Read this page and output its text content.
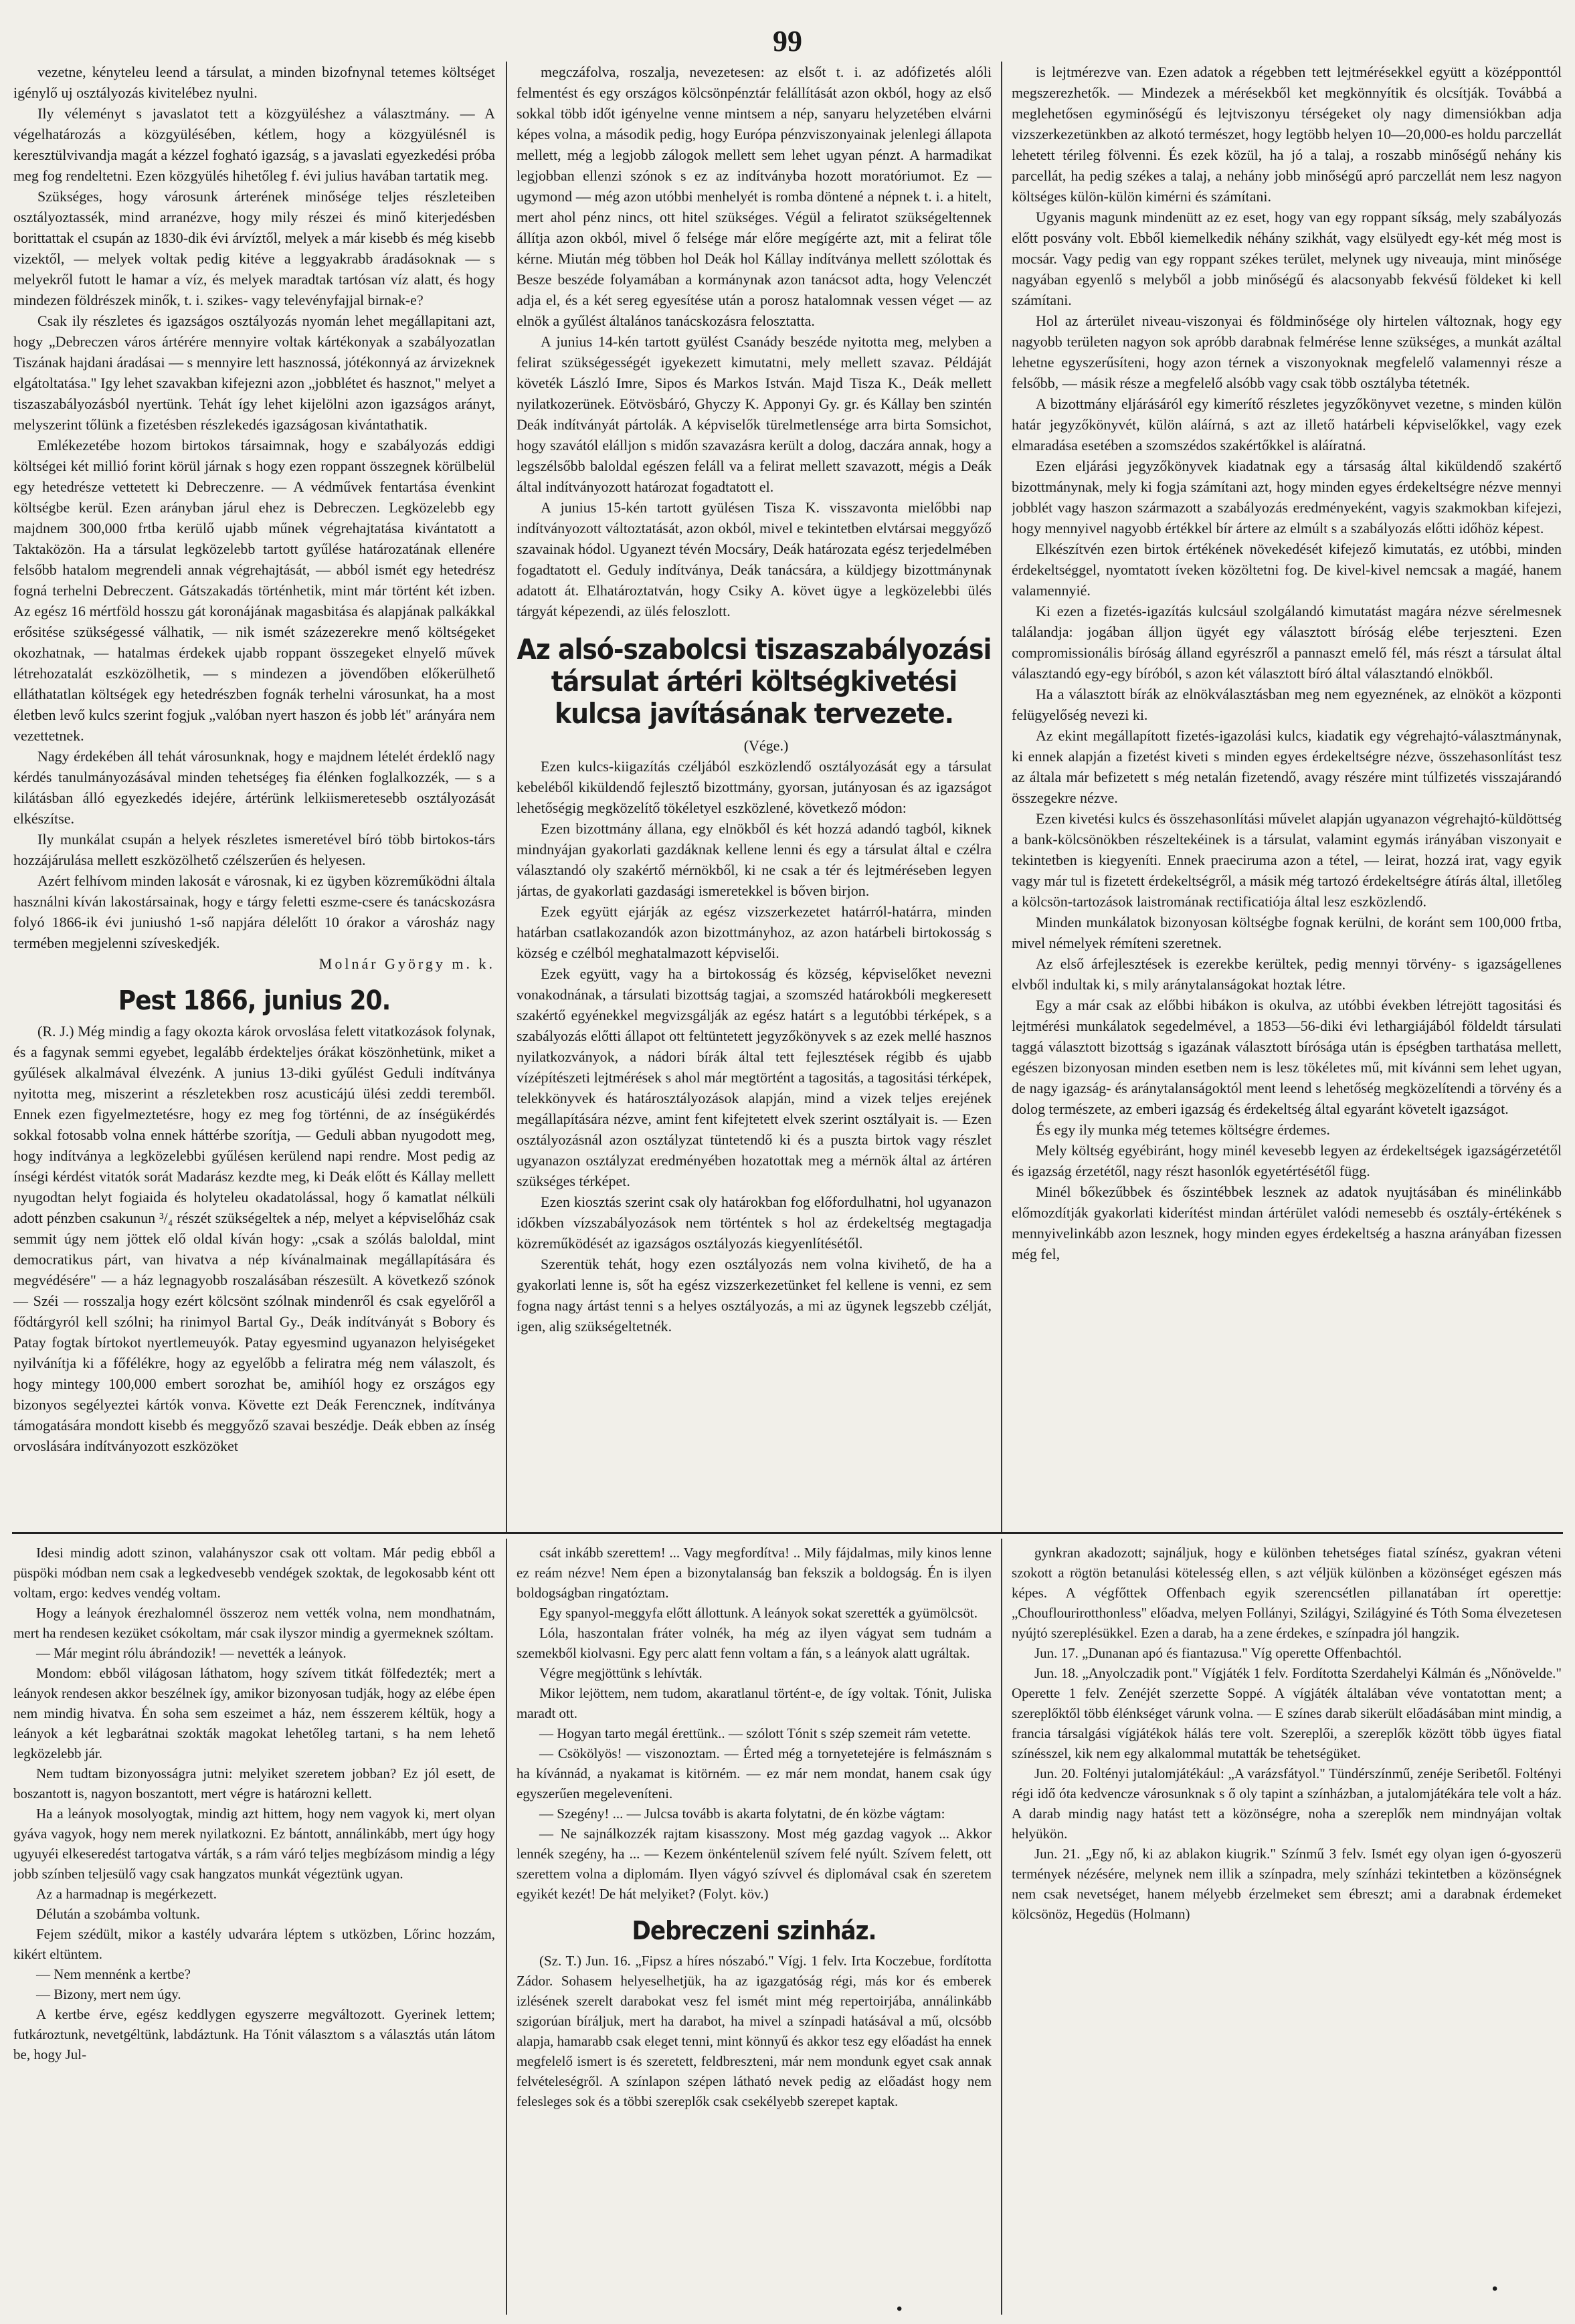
99

vezetne, kényteleu leend a társulat, a minden bizofnynal tetemes költséget igénylő uj osztályozás kivitelébez nyulni.

Ily véleményt s javaslatot tett a közgyüléshez a választmány. — A végelhatározás a közgyülésében, kétlem, hogy a közgyülésnél is keresztülvivandja magát a kézzel fogható igazság, s a javaslati egyezkedési próba meg fog rendeltetni. Ezen közgyülés hihetőleg f. évi julius havában tartatik meg.

Szükséges, hogy városunk árterének minősége teljes részleteiben osztályoztassék, mind arranézve, hogy mily részei és minő kiterjedésben borittattak el csupán az 1830-dik évi árvíztől, melyek a már kisebb és még kisebb vizektől, — melyek voltak pedig kitéve a leggyakrabb áradásoknak — s melyekről futott le hamar a víz, és melyek maradtak tartósan víz alatt, és hogy mindezen földrészek minők, t. i. szikes- vagy televényfajjal birnak-e?

Csak ily részletes és igazságos osztályozás nyomán lehet megállapitani azt, hogy „Debreczen város ártérére mennyire voltak kártékonyak a szabályozatlan Tiszának hajdani áradásai — s mennyire lett hasznossá, jótékonnyá az árvizeknek elgátoltatása." Igy lehet szavakban kifejezni azon „jobblétet és hasznot," melyet a tiszaszabályozásból nyertünk. Tehát így lehet kijelölni azon igazságos arányt, melyszerint tőlünk a fizetésben részlekedés igazságosan kivántathatik.

Emlékezetébe hozom birtokos társaimnak, hogy e szabályozás eddigi költségei két millió forint körül járnak s hogy ezen roppant összegnek körülbelül egy hetedrésze vettetett ki Debreczenre. — A védművek fentartása évenkint költségbe kerül. Ezen arányban járul ehez is Debreczen. Legközelebb egy majdnem 300,000 frtba kerülő ujabb műnek végrehajtatása kivántatott a Taktaközön. Ha a társulat legközelebb tartott gyűlése határozatának ellenére felsőbb hatalom megrendeli annak végrehajtását, — abból ismét egy hetedrész fogná terhelni Debreczent. Gátszakadás történhetik, mint már történt két izben. Az egész 16 mértföld hosszu gát koronájának magasbitása és alapjának palkákkal erősitése szükségessé válhatik, — nik ismét százezerekre menő költségeket okozhatnak, — hatalmas érdekek ujabb roppant összegeket elnyelő művek létrehozatalát eszközölhetik, — s mindezen a jövendőben előkerülhető elláthatatlan költségek egy hetedrészben fognák terhelni városunkat, ha a most életben levő kulcs szerint fogjuk „valóban nyert haszon és jobb lét" arányára nem vezettetnek.

Nagy érdekében áll tehát városunknak, hogy e majdnem lételét érdeklő nagy kérdés tanulmányozásával minden tehetségeş fia élénken foglalkozzék, — s a kilátásban álló egyezkedés idejére, ártérünk lelkiismeretesebb osztályozását elkészítse.

Ily munkálat csupán a helyek részletes ismeretével bíró több birtokos-társ hozzájárulása mellett eszközölhető czélszerűen és helyesen.

Azért felhívom minden lakosát e városnak, ki ez ügyben közreműködni általa használni kíván lakostársainak, hogy e tárgy feletti eszme-csere és tanácskozásra folyó 1866-ik évi juniushó 1-ső napjára délelőtt 10 órakor a városház nagy termében megjelenni szíveskedjék.

Molnár György m. k.

Pest 1866, junius 20.

(R. J.) Még mindig a fagy okozta károk orvoslása felett vitatkozások folynak, és a fagynak semmi egyebet, legalább érdekteljes órákat köszönhetünk, miket a gyűlések alkalmával élvezénk. A junius 13-diki gyűlést Geduli indítványa nyitotta meg, miszerint a részletekben rosz acusticájú ülési zeddi teremből. Ennek ezen figyelmeztetésre, hogy ez meg fog történni, de az ínségükérdés sokkal fotosabb volna ennek háttérbe szorítja, — Geduli abban nyugodott meg, hogy indítványa a legközelebbi gyűlésen kerülend napi rendre. Most pedig az ínségi kérdést vitatók sorát Madarász kezdte meg, ki Deák előtt és Kállay mellett nyugodtan helyt fogiaida és holyteleu okadatolással, hogy ő kamatlat nélküli adott pénzben csakunun ³/₄ részét szükségeltek a nép, melyet a képviselőház csak semmit úgy nem jöttek elő oldal kíván hogy: „csak a szólás baloldal, mint democratikus párt, van hivatva a nép kívánalmainak megállapítására és megvédésére" — a ház legnagyobb roszalásában részesült. A következő szónok — Széi — rosszalja hogy ezért kölcsönt szólnak mindenről és csak egyelőről a fődtárgyról kell szólni; ha rinimyol Bartal Gy., Deák indítványát s Bobory és Patay fogtak bírtokot nyertlemeuyók. Patay egyesmind ugyanazon helyiségeket nyilvánítja ki a főfélékre, hogy az egyelőbb a feliratra még nem válaszolt, és hogy mintegy 100,000 embert sorozhat be, amihíól hogy ez országos egy bizonyos segélyeztei kártók vonva. Követte ezt Deák Ferencznek, indítványa támogatására mondott kisebb és meggyőző szavai beszédje. Deák ebben az ínség orvoslására indítványozott eszközöket

megczáfolva, roszalja, nevezetesen: az elsőt t. i. az adófizetés alóli felmentést és egy országos kölcsönpénztár felállítását azon okból, hogy az első sokkal több időt igényelne venne mintsem a nép, sanyaru helyzetében elvárni képes volna, a második pedig, hogy Európa pénzviszonyainak jelenlegi állapota mellett, még a legjobb zálogok mellett sem lehet ugyan pénzt. A harmadikat legjobban ellenzi szónok s ez az indítványba hozott moratóriumot. Ez — ugymond — még azon utóbbi menhelyét is romba döntené a népnek t. i. a hitelt, mert ahol pénz nincs, ott hitel szükséges. Végül a feliratot szükségeltennek állítja azon okból, mivel ő felsége már előre megígérte azt, mit a felirat tőle kérne. Miután még többen hol Deák hol Kállay indítványa mellett szólottak és Besze beszéde folyamában a kormánynak azon tanácsot adta, hogy Velenczét adja el, és a két sereg egyesítése után a porosz hatalomnak vessen véget — az elnök a gyűlést általános tanácskozásra felosztatta.

A junius 14-kén tartott gyülést Csanády beszéde nyitotta meg, melyben a felirat szükségességét igyekezett kimutatni, mely mellett szavaz. Példáját követék László Imre, Sipos és Markos István. Majd Tisza K., Deák mellett nyilatkozerünek. Eötvösbáró, Ghyczy K. Apponyi Gy. gr. és Kállay ben szintén Deák indítványát pártolák. A képviselők türelmetlensége arra birta Somsichot, hogy szavától elálljon s midőn szavazásra került a dolog, daczára annak, hogy a legszélsőbb baloldal egészen feláll va a felirat mellett szavazott, mégis a Deák által indítványozott határozat fogadtatott el.

A junius 15-kén tartott gyülésen Tisza K. visszavonta mielőbbi nap indítványozott változtatását, azon okból, mivel e tekintetben elvtársai meggyőző szavainak hódol. Ugyanezt tévén Mocsáry, Deák határozata egész terjedelmében fogadtatott el. Geduly indítványa, Deák tanácsára, a küldjegy bizottmánynak adatott át. Elhatároztatván, hogy Csiky A. követ ügye a legközelebbi ülés tárgyát képezendi, az ülés feloszlott.

Az alsó-szabolcsi tiszaszabályozási társulat ártéri költségkivetési kulcsa javításának tervezete.

(Vége.)

Ezen kulcs-kiigazítás czéljából eszközlendő osztályozását egy a társulat kebeléből kiküldendő fejlesztő bizottmány, gyorsan, jutányosan és az igazságot lehetőségig megközelítő tökéletyel eszközlené, következő módon:

Ezen bizottmány állana, egy elnökből és két hozzá adandó tagból, kiknek mindnyájan gyakorlati gazdáknak kellene lenni és egy a társulat által e czélra választandó oly szakértő mérnökből, ki ne csak a tér és lejtméréseben legyen jártas, de gyakorlati gazdasági ismeretekkel is bőven birjon.

Ezek együtt ejárják az egész vizszerkezetet határról-határra, minden határban csatlakozandók azon bizottmányhoz, az azon határbeli birtokosság s község e czélból meghatalmazott képviselői.

Ezek együtt, vagy ha a birtokosság és község, képviselőket nevezni vonakodnának, a társulati bizottság tagjai, a szomszéd határokbóli megkeresett szakértő egyénekkel megvizsgálják az egész határt s a legutóbbi térképek, s a szabályozás előtti állapot ott feltüntetett jegyzőkönyvek s az ezek mellé hasznos nyilatkozványok, a nádori bírák által tett fejlesztések régibb és ujabb vízépítészeti lejtmérések s ahol már megtörtént a tagositás, a tagositási térképek, telekkönyvek és határosztályozások alapján, mind a vizek teljes erejének megállapítására nézve, amint fent kifejtetett elvek szerint osztályait is. — Ezen osztályozásnál azon osztályzat tüntetendő ki és a puszta birtok vagy részlet ugyanazon osztályzat eredményében hozatottak meg a mérnök által az ártéren szükséges térképet.

Ezen kiosztás szerint csak oly határokban fog előfordulhatni, hol ugyanazon időkben vízszabályozások nem történtek s hol az érdekeltség megtagadja közreműködését az igazságos osztályozás kiegyenlítésétől.

Szerentük tehát, hogy ezen osztályozás nem volna kivihető, de ha a gyakorlati lenne is, sőt ha egész vizszerkezetünket fel kellene is venni, ez sem fogna nagy ártást tenni s a helyes osztályozás, a mi az ügynek legszebb czélját, igen, alig szükségeltetnék.

is lejtmérezve van. Ezen adatok a régebben tett lejtmérésekkel együtt a középponttól megszerezhetők. — Mindezek a mérésekből ket megkönnyítik és olcsítják. Továbbá a meglehetősen egyminőségű és lejtviszonyu térségeket oly nagy dimensiókban adja vizszerkezetünkben az alkotó természet, hogy legtöbb helyen 10—20,000-es holdu parczellát lehetett térileg fölvenni. És ezek közül, ha jó a talaj, a roszabb minőségű nehány kis parcellát, ha pedig székes a talaj, a nehány jobb minőségű apró parczellát nem lesz nagyon költséges külön-külön kimérni és számítani.

Ugyanis magunk mindenütt az ez eset, hogy van egy roppant síkság, mely szabályozás előtt posvány volt. Ebből kiemelkedik néhány szikhát, vagy elsülyedt egy-két még most is mocsár. Vagy pedig van egy roppant székes terület, melynek ugy niveauja, mint minősége nagyában egyenlő s melyből a jobb minőségű és alacsonyabb fekvésű földeket ki kell számítani.

Hol az árterület niveau-viszonyai és földminősége oly hirtelen változnak, hogy egy nagyobb területen nagyon sok apróbb darabnak felmérése lenne szükséges, a munkát azáltal lehetne egyszerűsíteni, hogy azon térnek a viszonyoknak megfelelő valamennyi része a felsőbb, — másik része a megfelelő alsóbb vagy csak több osztályba tétetnék.

A bizottmány eljárásáról egy kimerítő részletes jegyzőkönyvet vezetne, s minden külön határ jegyzőkönyvét, külön aláírná, s azt az illető határbeli képviselőkkel, vagy ezek elmaradása esetében a szomszédos szakértőkkel is aláíratná.

Ezen eljárási jegyzőkönyvek kiadatnak egy a társaság által kiküldendő szakértő bizottmánynak, mely ki fogja számítani azt, hogy minden egyes érdekeltségre nézve mennyi jobblét vagy haszon származott a szabályozás eredményeként, vagyis szakmokban kifejezi, hogy mennyivel nagyobb értékkel bír ártere az elmúlt s a szabályozás előtti időhöz képest.

Elkészítvén ezen birtok értékének növekedését kifejező kimutatás, ez utóbbi, minden érdekeltséggel, nyomtatott íveken közöltetni fog. De kivel-kivel nemcsak a magáé, hanem valamennyié.

Ki ezen a fizetés-igazítás kulcsául szolgálandó kimutatást magára nézve sérelmesnek találandja: jogában álljon ügyét egy választott bíróság elébe terjeszteni. Ezen compromissionális bíróság álland egyrészről a pannaszt emelő fél, más részt a társulat által választandó egy-egy bíróból, s azon két választott bíró által választandó elnökből.

Ha a választott bírák az elnökválasztásban meg nem egyeznének, az elnököt a központi felügyelőség nevezi ki.

Az ekint megállapított fizetés-igazolási kulcs, kiadatik egy végrehajtó-választmánynak, ki ennek alapján a fizetést kiveti s minden egyes érdekeltségre nézve, összehasonlítást tesz az általa már befizetett s még netalán fizetendő, avagy részére mint túlfizetés visszajárandó összegekre nézve.

Ezen kivetési kulcs és összehasonlítási művelet alapján ugyanazon végrehajtó-küldöttség a bank-kölcsönökben részeltekéinek is a társulat, valamint egymás irányában viszonyait e tekintetben is kiegyeníti. Ennek praeciruma azon a tétel, — leirat, hozzá irat, vagy egyik vagy már tul is fizetett érdekeltségről, a másik még tartozó érdekeltségre átírás által, illetőleg a kölcsön-tartozások laistromának rectificatiója által lesz eszközlendő.

Minden munkálatok bizonyosan költségbe fognak kerülni, de koránt sem 100,000 frtba, mivel némelyek rémíteni szeretnek.

Az első árfejlesztések is ezerekbe kerültek, pedig mennyi törvény- s igazságellenes elvből indultak ki, s mily aránytalanságokat hoztak létre.

Egy a már csak az előbbi hibákon is okulva, az utóbbi években létrejött tagositási és lejtmérési munkálatok segedelmével, a 1853—56-diki évi lethargiájából földeldt társulati taggá választott bizottság s igazának választott bírósága után is épségben tarthatása mellett, egészen bizonyosan minden esetben nem is lesz tökéletes mű, mit kívánni sem lehet ugyan, de nagy igazság- és aránytalanságoktól ment leend s lehetőség megközelítendi a törvény és a dolog természete, az emberi igazság és érdekeltség által egyaránt követelt igazságot.

És egy ily munka még tetemes költségre érdemes.

Mely költség egyébiránt, hogy minél kevesebb legyen az érdekeltségek igazságérzetétől és igazság érzetétől, nagy részt hasonlók egyetértésétől függ.

Minél bőkezűbbek és őszintébbek lesznek az adatok nyujtásában és minélinkább előmozdítják gyakorlati kiderítést mindan ártérület valódi nemesebb és osztály-értékének s mennyivelinkább azon lesznek, hogy minden egyes érdekeltség a haszna arányában fizessen még fel,

Idesi mindig adott szinon, valahányszor csak ott voltam. Már pedig ebből a püspöki módban nem csak a legkedvesebb vendégek szoktak, de legokosabb ként ott voltam, ergo: kedves vendég voltam.

Hogy a leányok érezhalomnél összeroz nem vették volna, nem mondhatnám, mert ha rendesen kezüket csókoltam, már csak ilyszor mindig a gyermeknek szóltam.

— Már megint rólu ábrándozik! — nevették a leányok.

Mondom: ebből világosan láthatom, hogy szívem titkát fölfedezték; mert a leányok rendesen akkor beszélnek így, amikor bizonyosan tudják, hogy az elébe épen nem mindig hivatva. Én soha sem eszeimet a ház, nem ésszerem kéltük, hogy a leányok a két legbarátnai szokták magokat lehetőleg tartani, s ha nem lehető legközelebb jár.

Nem tudtam bizonyosságra jutni: melyiket szeretem jobban? Ez jól esett, de boszantott is, nagyon boszantott, mert végre is határozni kellett.

Ha a leányok mosolyogtak, mindig azt hittem, hogy nem vagyok ki, mert olyan gyáva vagyok, hogy nem merek nyilatkozni. Ez bántott, annálinkább, mert úgy hogy ugyuyéi elkeseredést tartogatva várták, s a rám váró teljes megbízásom mindig a légy jobb színben teljesülő vagy csak hangzatos munkát végeztünk ugyan.

Az a harmadnap is megérkezett.

Délután a szobámba voltunk.

Fejem szédült, mikor a kastély udvarára léptem s utközben, Lőrinc hozzám, kikért eltüntem.

— Nem mennénk a kertbe?

— Bizony, mert nem úgy.

A kertbe érve, egész keddlygen egyszerre megváltozott. Gyerinek lettem; futkároztunk, nevetgéltünk, labdáztunk. Ha Tónit választom s a választás után látom be, hogy Jul-

csát inkább szerettem! ... Vagy megfordítva! .. Mily fájdalmas, mily kinos lenne ez reám nézve! Nem épen a bizonytalanság ban fekszik a boldogság. Én is ilyen boldogságban ringatóztam.

Egy spanyol-meggyfa előtt állottunk. A leányok sokat szerették a gyümölcsöt.

Lóla, haszontalan fráter volnék, ha még az ilyen vágyat sem tudnám a szemekből kiolvasni. Egy perc alatt fenn voltam a fán, s a leányok alatt ugráltak.

Végre megjöttünk s lehívták.

Mikor lejöttem, nem tudom, akaratlanul történt-e, de így voltak. Tónit, Juliska maradt ott.

— Hogyan tarto megál érettünk.. — szólott Tónit s szép szemeit rám vetette.

— Csökölyös! — viszonoztam. — Érted még a tornyetetejére is felmásznám s ha kívánnád, a nyakamat is kitörném. — ez már nem mondat, hanem csak úgy egyszerűen megeleveníteni.

— Szegény! ... — Julcsa tovább is akarta folytatni, de én közbe vágtam:

— Ne sajnálkozzék rajtam kisasszony. Most még gazdag vagyok ... Akkor lennék szegény, ha ... — Kezem önkéntelenül szívem felé nyúlt. Szívem felett, ott szerettem volna a diplomám. Ilyen vágyó szívvel és diplomával csak én szeretem egyikét kezét! De hát melyiket? (Folyt. köv.)

Debreczeni szinház.

(Sz. T.) Jun. 16. „Fipsz a híres nószabó." Vígj. 1 felv. Irta Koczebue, fordította Zádor. Sohasem helyeselhetjük, ha az igazgatóság régi, más kor és emberek izlésének szerelt darabokat vesz fel ismét mint még repertoirjába, annálinkább szigorúan bíráljuk, mert ha darabot, ha mivel a színpadi hatásával a mű, olcsóbb alapja, hamarabb csak eleget tenni, mint könnyű és akkor tesz egy előadást ha ennek megfelelő ismert is és szeretett, feldbreszteni, már nem mondunk egyet csak annak felvételeségről. A színlapon szépen látható nevek pedig az előadást hogy nem felesleges sok és a többi szereplők csak csekélyebb szerepet kaptak.

gynkran akadozott; sajnáljuk, hogy e különben tehetséges fiatal színész, gyakran véteni szokott a rögtön betanulási kötelesség ellen, s azt véljük különben a közönséget egészen más képes. A végfőttek Offenbach egyik szerencsétlen pillanatában írt operettje: „Chouflourirotthonless" előadva, melyen Follányi, Szilágyi, Szilágyiné és Tóth Soma élvezetesen nyújtó szereplésükkel. Ezen a darab, ha a zene érdekes, e színpadra jól hangzik.

Jun. 17. „Dunanan apó és fiantazusa." Víg operette Offenbachtól.

Jun. 18. „Anyolczadik pont." Vígjáték 1 felv. Fordította Szerdahelyi Kálmán és „Nőnövelde." Operette 1 felv. Zenéjét szerzette Soppé. A vígjáték általában véve vontatottan ment; a szereplőktől több élénkséget várunk volna. — E színes darab sikerült előadásában mint mindig, a francia társalgási vígjátékok hálás tere volt. Szereplői, a szereplők között több ügyes fiatal színésszel, kik nem egy alkalommal mutatták be tehetségüket.

Jun. 20. Foltényi jutalomjátékául: „A varázsfátyol." Tündérszínmű, zenéje Seribetől. Foltényi régi idő óta kedvencze városunknak s ő oly tapint a színházban, a jutalomjátékára tele volt a ház. A darab mindig nagy hatást tett a közönségre, noha a szereplők nem mindnyájan voltak helyükön.

Jun. 21. „Egy nő, ki az ablakon kiugrik." Színmű 3 felv. Ismét egy olyan igen ó-gyoszerü termények nézésére, melynek nem illik a színpadra, mely színházi tekintetben a közönségnek nem csak nevetséget, hanem mélyebb érzelmeket sem ébreszt; ami a darabnak érdemeket kölcsönöz, Hegedüs (Holmann)

•
•
